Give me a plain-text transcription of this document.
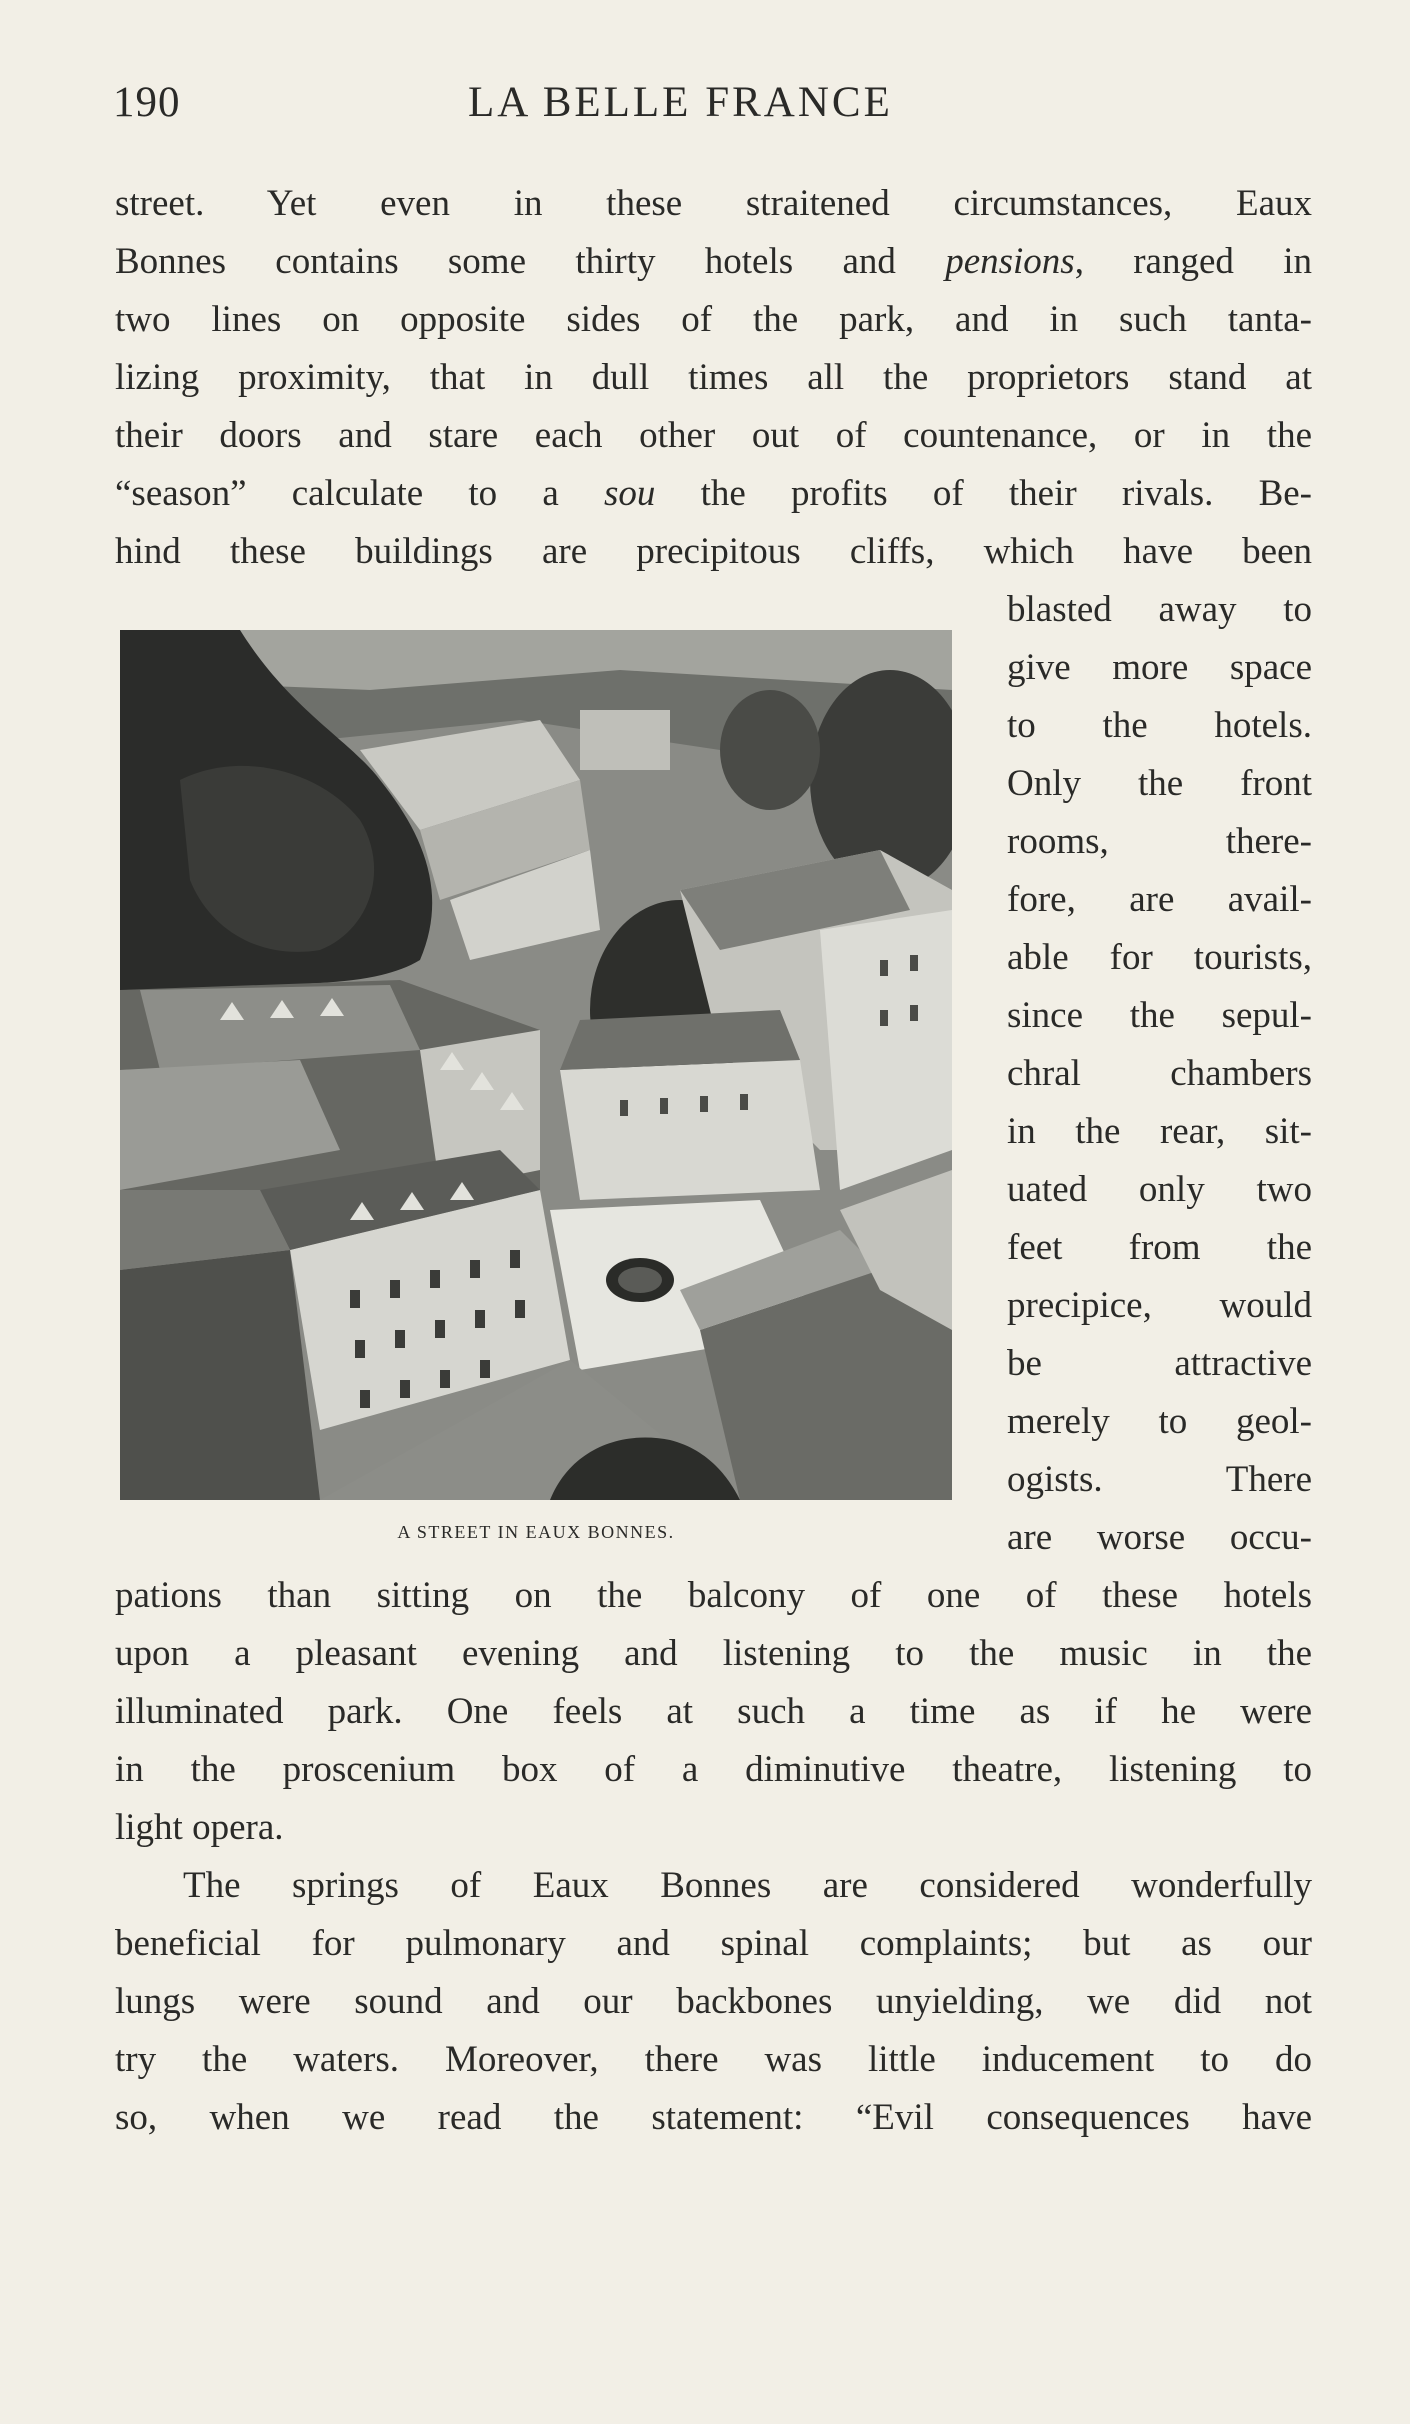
190	LA BELLE FRANCE
street. Yet even in these straitened circumstances, Eaux
Bonnes contains some thirty hotels and pensions, ranged in
two lines on opposite sides of the park, and in such tanta-
lizing proximity, that in dull times all the proprietors stand at
their doors and stare each other out of countenance, or in the
“season” calculate to a sou the profits of their rivals. Be-
hind these buildings are precipitous cliffs, which have been
blasted away to
give more space
to the hotels.
Only the front
rooms, there-
fore, are avail-
able for tourists,
since the sepul-
chral chambers
in the rear, sit-
uated only two
feet from the
precipice, would
be attractive
merely to geol-
ogists. There
are worse occu-
A STREET IN EAUX BONNES.
pations than sitting on the balcony of one of these hotels
upon a pleasant evening and listening to the music in the
illuminated park. One feels at such a time as if he were
in the proscenium box of a diminutive theatre, listening to
light opera.
The springs of Eaux Bonnes are considered wonderfully
beneficial for pulmonary and spinal complaints; but as our
lungs were sound and our backbones unyielding, we did not
try the waters. Moreover, there was little inducement to do
so, when we read the statement: “Evil consequences have
